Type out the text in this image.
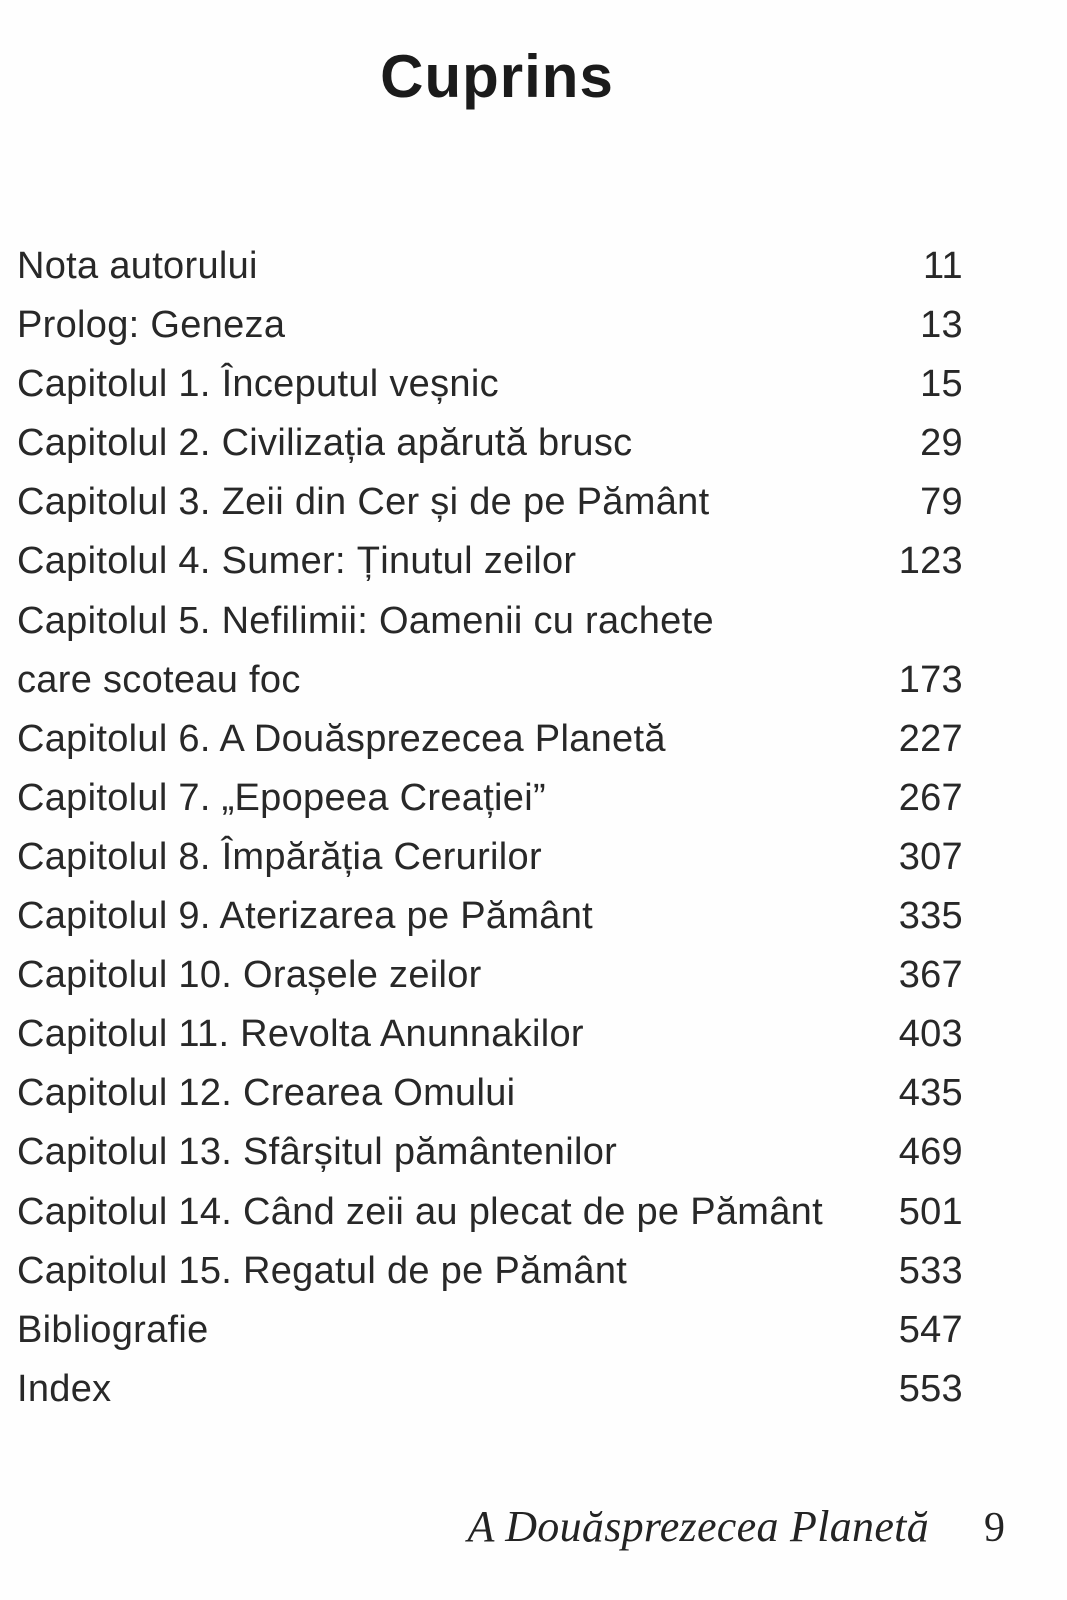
Cuprins
Nota autorului	11
Prolog: Geneza	13
Capitolul 1. Începutul veșnic	15
Capitolul 2. Civilizația apărută brusc	29
Capitolul 3. Zeii din Cer și de pe Pământ	79
Capitolul 4. Sumer: Ținutul zeilor	123
Capitolul 5. Nefilimii: Oamenii cu rachete
care scoteau foc	173
Capitolul 6. A Douăsprezecea Planetă	227
Capitolul 7. „Epopeea Creației”	267
Capitolul 8. Împărăția Cerurilor	307
Capitolul 9. Aterizarea pe Pământ	335
Capitolul 10. Orașele zeilor	367
Capitolul 11. Revolta Anunnakilor	403
Capitolul 12. Crearea Omului	435
Capitolul 13. Sfârșitul pământenilor	469
Capitolul 14. Când zeii au plecat de pe Pământ	501
Capitolul 15. Regatul de pe Pământ	533
Bibliografie	547
Index	553
A Douăsprezecea Planetă 9
